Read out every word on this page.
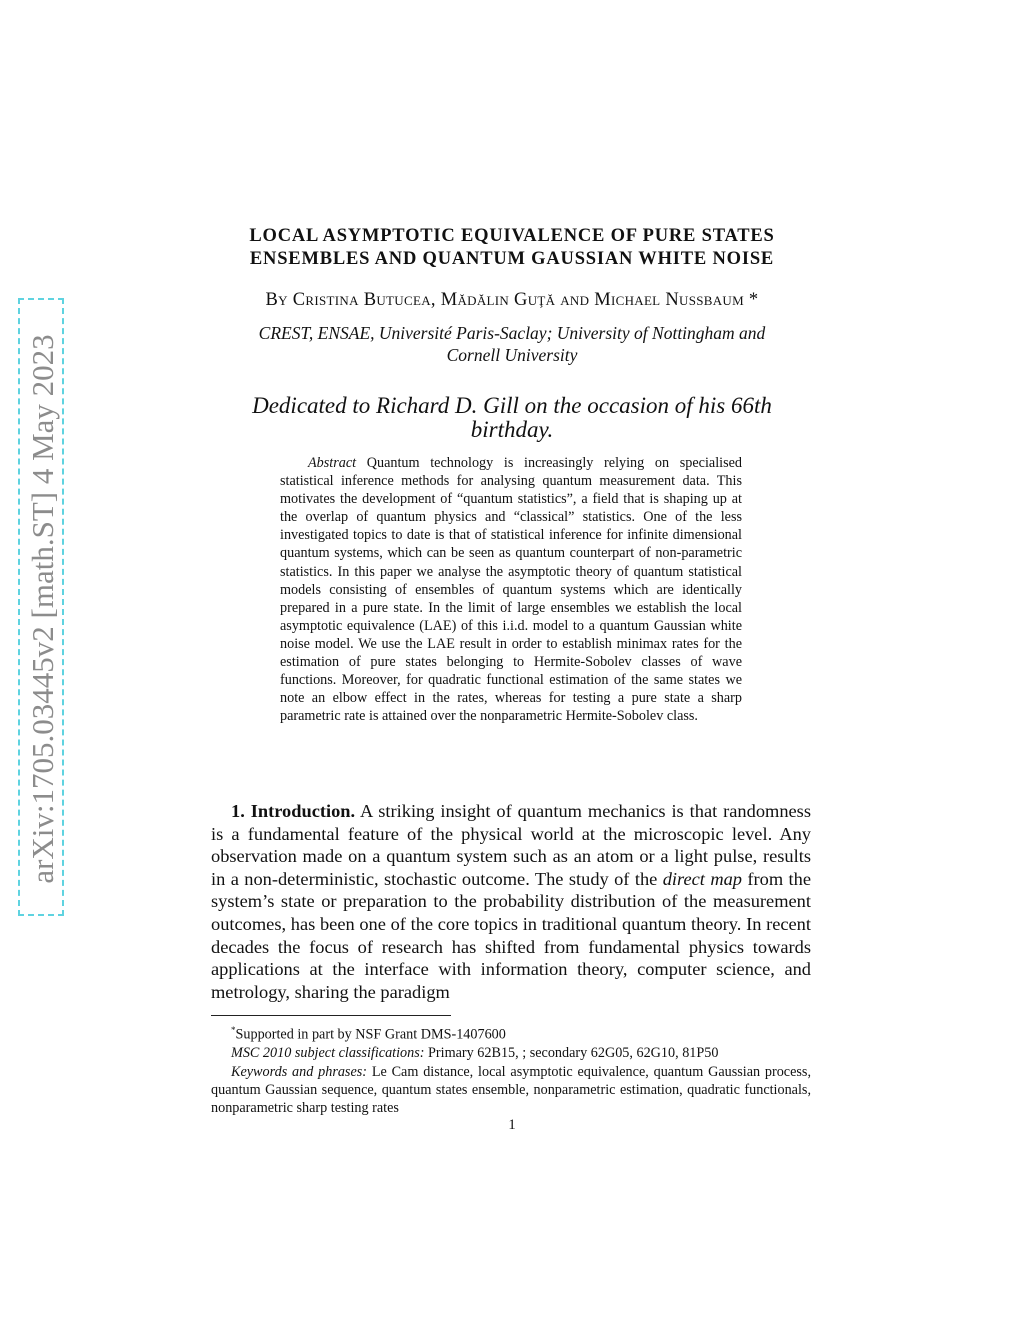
arXiv:1705.03445v2 [math.ST] 4 May 2023
LOCAL ASYMPTOTIC EQUIVALENCE OF PURE STATES
ENSEMBLES AND QUANTUM GAUSSIAN WHITE NOISE
By Cristina Butucea, Mădălin Guţă and Michael Nussbaum *
CREST, ENSAE, Université Paris-Saclay; University of Nottingham and
Cornell University
Dedicated to Richard D. Gill on the occasion of his 66th
birthday.
Abstract Quantum technology is increasingly relying on specialised statistical inference methods for analysing quantum measurement data. This motivates the development of “quantum statistics”, a field that is shaping up at the overlap of quantum physics and “classical” statistics. One of the less investigated topics to date is that of statistical inference for infinite dimensional quantum systems, which can be seen as quantum counterpart of non-parametric statistics. In this paper we analyse the asymptotic theory of quantum statistical models consisting of ensembles of quantum systems which are identically prepared in a pure state. In the limit of large ensembles we establish the local asymptotic equivalence (LAE) of this i.i.d. model to a quantum Gaussian white noise model. We use the LAE result in order to establish minimax rates for the estimation of pure states belonging to Hermite-Sobolev classes of wave functions. Moreover, for quadratic functional estimation of the same states we note an elbow effect in the rates, whereas for testing a pure state a sharp parametric rate is attained over the nonparametric Hermite-Sobolev class.
1. Introduction. A striking insight of quantum mechanics is that randomness is a fundamental feature of the physical world at the microscopic level. Any observation made on a quantum system such as an atom or a light pulse, results in a non-deterministic, stochastic outcome. The study of the direct map from the system’s state or preparation to the probability distribution of the measurement outcomes, has been one of the core topics in traditional quantum theory. In recent decades the focus of research has shifted from fundamental physics towards applications at the interface with information theory, computer science, and metrology, sharing the paradigm
*Supported in part by NSF Grant DMS-1407600
MSC 2010 subject classifications: Primary 62B15, ; secondary 62G05, 62G10, 81P50
Keywords and phrases: Le Cam distance, local asymptotic equivalence, quantum Gaussian process, quantum Gaussian sequence, quantum states ensemble, nonparametric estimation, quadratic functionals, nonparametric sharp testing rates
1
